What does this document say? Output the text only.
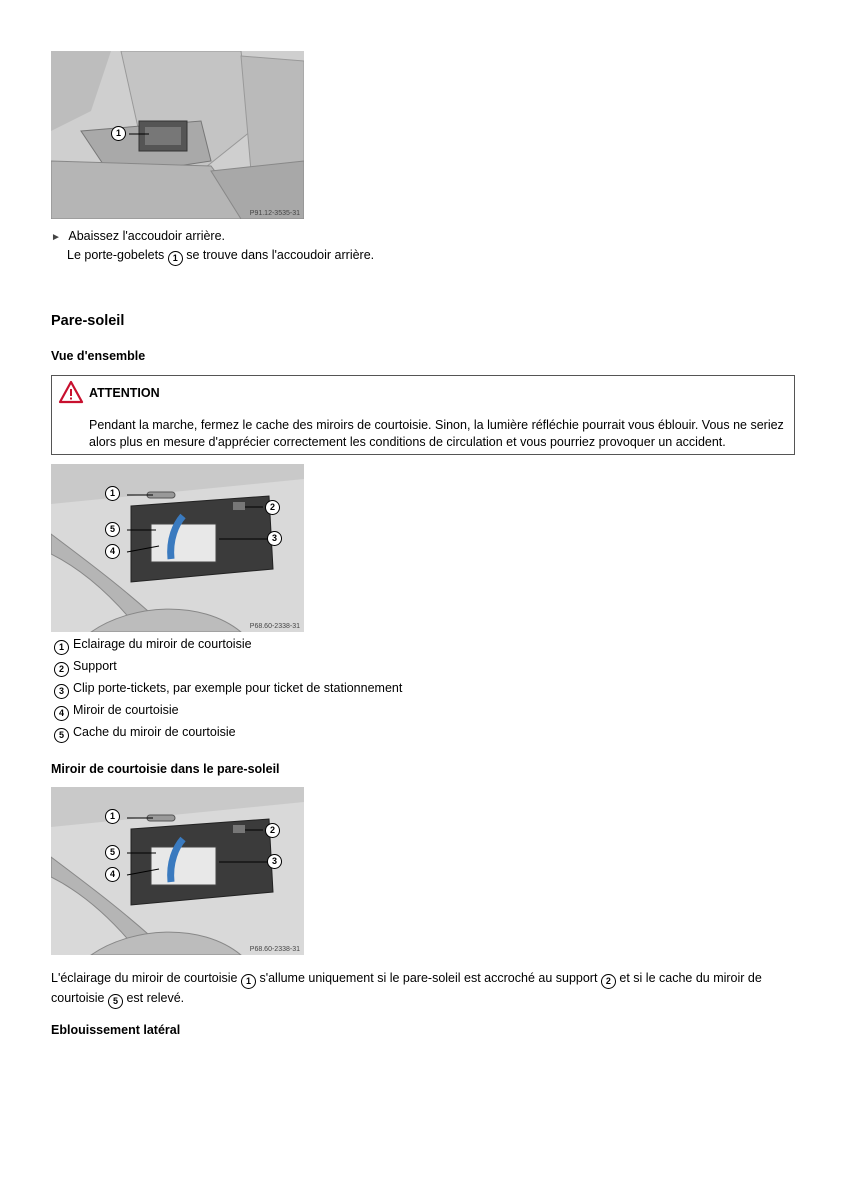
1
P91.12-3535-31
► Abaissez l'accoudoir arrière.
Le porte-gobelets 1 se trouve dans l'accoudoir arrière.
Pare-soleil
Vue d'ensemble
ATTENTION
Pendant la marche, fermez le cache des miroirs de courtoisie. Sinon, la lumière réfléchie pourrait vous éblouir. Vous ne seriez alors plus en mesure d'apprécier correctement les conditions de circulation et vous pourriez provoquer un accident.
1
2
3
4
5
P68.60-2338-31
1 Eclairage du miroir de courtoisie
2 Support
3 Clip porte-tickets, par exemple pour ticket de stationnement
4 Miroir de courtoisie
5 Cache du miroir de courtoisie
Miroir de courtoisie dans le pare-soleil
1
2
3
4
5
P68.60-2338-31
L'éclairage du miroir de courtoisie 1 s'allume uniquement si le pare-soleil est accroché au support 2 et si le cache du miroir de courtoisie 5 est relevé.
Eblouissement latéral
